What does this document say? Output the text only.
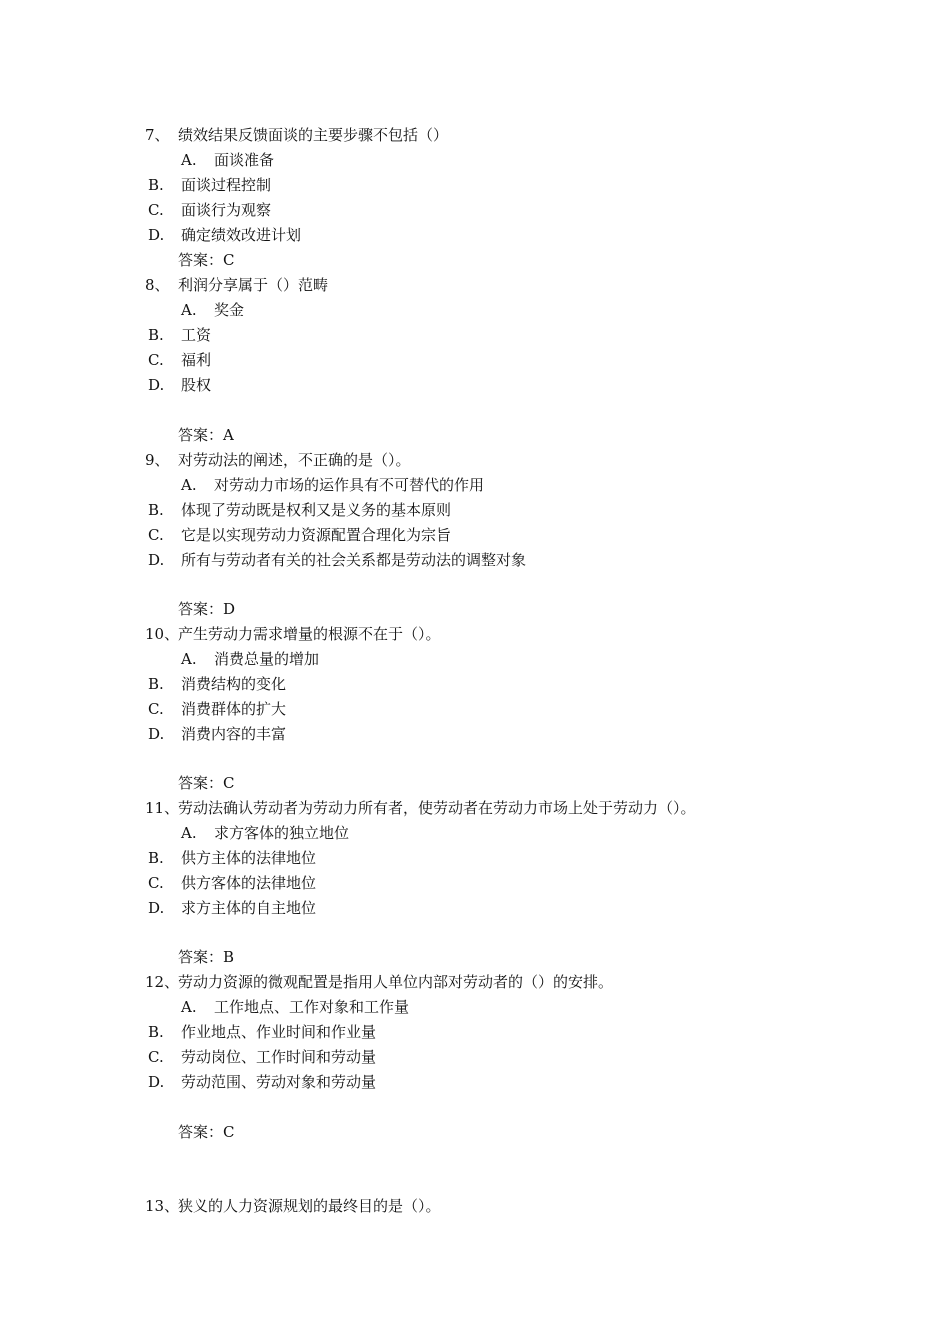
7、 绩效结果反馈面谈的主要步骤不包括（）
A. 面谈准备
B. 面谈过程控制
C. 面谈行为观察
D. 确定绩效改进计划
答案：C
8、 利润分享属于（）范畴
A. 奖金
B. 工资
C. 福利
D. 股权
答案：A
9、 对劳动法的阐述，不正确的是（）。
A. 对劳动力市场的运作具有不可替代的作用
B. 体现了劳动既是权利又是义务的基本原则
C. 它是以实现劳动力资源配置合理化为宗旨
D. 所有与劳动者有关的社会关系都是劳动法的调整对象
答案：D
10、
产生劳动力需求增量的根源不在于（）。
A. 消费总量的增加
B. 消费结构的变化
C. 消费群体的扩大
D. 消费内容的丰富
答案：C
11、
劳动法确认劳动者为劳动力所有者，使劳动者在劳动力市场上处于劳动力（）。
A. 求方客体的独立地位
B. 供方主体的法律地位
C. 供方客体的法律地位
D. 求方主体的自主地位
答案：B
12、
劳动力资源的微观配置是指用人单位内部对劳动者的（）的安排。
A. 工作地点、工作对象和工作量
B. 作业地点、作业时间和作业量
C. 劳动岗位、工作时间和劳动量
D. 劳动范围、劳动对象和劳动量
答案：C
13、
狭义的人力资源规划的最终目的是（）。
